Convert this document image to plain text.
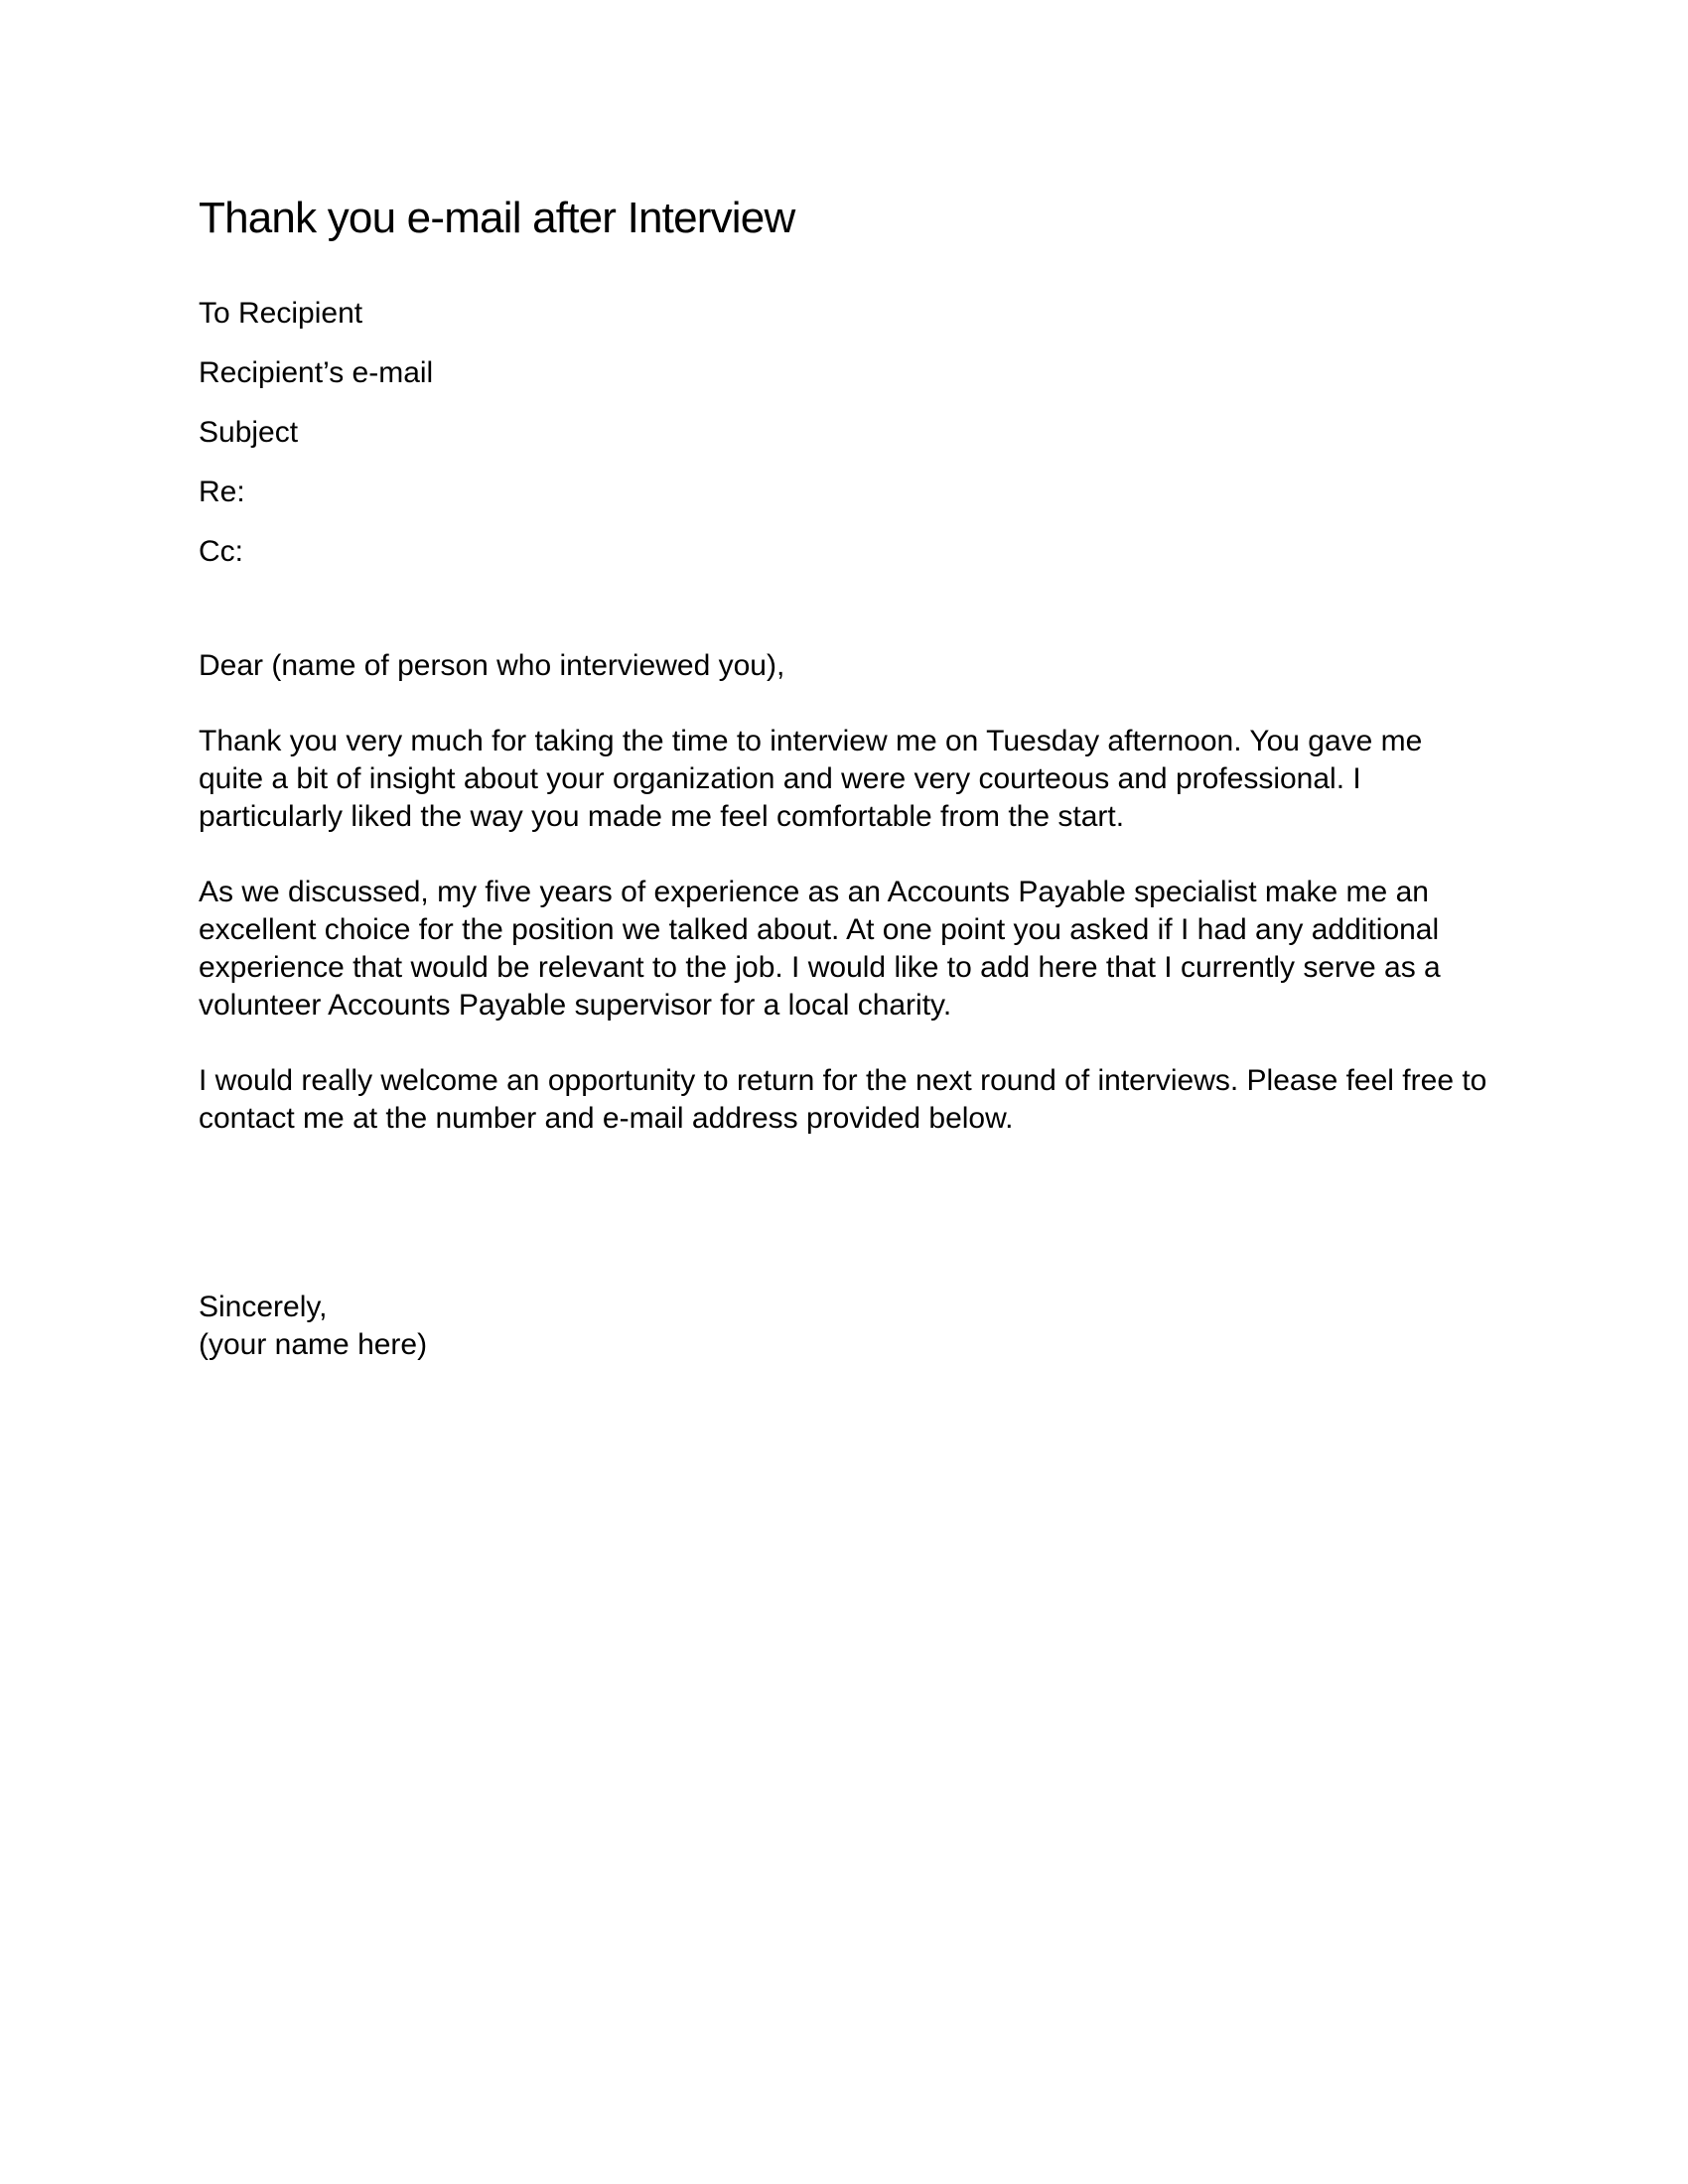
Thank you e-mail after Interview
To Recipient
Recipient’s e-mail
Subject
Re:
Cc:
Dear (name of person who interviewed you),

Thank you very much for taking the time to interview me on Tuesday afternoon. You gave me quite a bit of insight about your organization and were very courteous and professional. I particularly liked the way you made me feel comfortable from the start.

As we discussed, my five years of experience as an Accounts Payable specialist make me an excellent choice for the position we talked about. At one point you asked if I had any additional experience that would be relevant to the job. I would like to add here that I currently serve as a volunteer Accounts Payable supervisor for a local charity.

I would really welcome an opportunity to return for the next round of interviews. Please feel free to contact me at the number and e-mail address provided below.

Sincerely,
(your name here)
